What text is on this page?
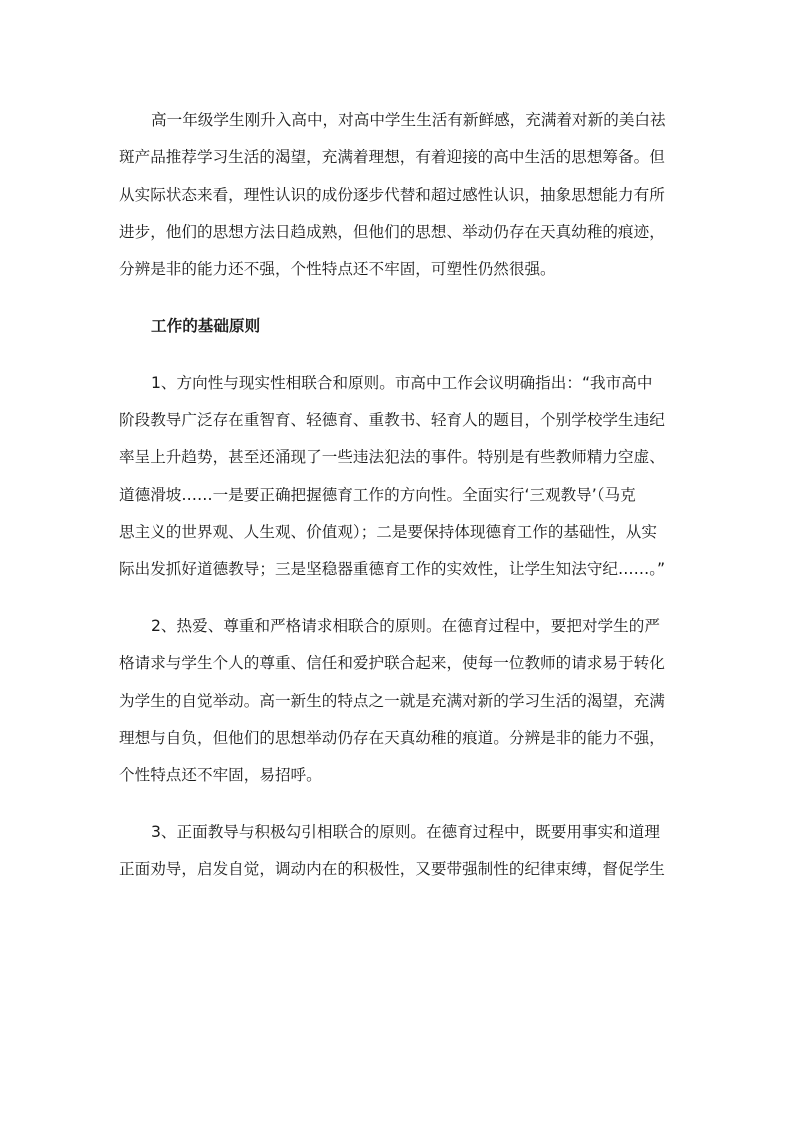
高一年级学生刚升入高中，对高中学生生活有新鲜感，充满着对新的美白祛
斑产品推荐学习生活的渴望，充满着理想，有着迎接的高中生活的思想筹备。但
从实际状态来看，理性认识的成份逐步代替和超过感性认识，抽象思想能力有所
进步，他们的思想方法日趋成熟，但他们的思想、举动仍存在天真幼稚的痕迹，
分辨是非的能力还不强，个性特点还不牢固，可塑性仍然很强。
工作的基础原则
1、方向性与现实性相联合和原则。市高中工作会议明确指出：“我市高中
阶段教导广泛存在重智育、轻德育、重教书、轻育人的题目，个别学校学生违纪
率呈上升趋势，甚至还涌现了一些违法犯法的事件。特别是有些教师精力空虚、
道德滑坡……一是要正确把握德育工作的方向性。全面实行‘三观教导’（马克
思主义的世界观、人生观、价值观）；二是要保持体现德育工作的基础性，从实
际出发抓好道德教导；三是坚稳器重德育工作的实效性，让学生知法守纪……。”
2、热爱、尊重和严格请求相联合的原则。在德育过程中，要把对学生的严
格请求与学生个人的尊重、信任和爱护联合起来，使每一位教师的请求易于转化
为学生的自觉举动。高一新生的特点之一就是充满对新的学习生活的渴望，充满
理想与自负，但他们的思想举动仍存在天真幼稚的痕道。分辨是非的能力不强，
个性特点还不牢固，易招呼。
3、正面教导与积极勾引相联合的原则。在德育过程中，既要用事实和道理
正面劝导，启发自觉，调动内在的积极性，又要带强制性的纪律束缚，督促学生
